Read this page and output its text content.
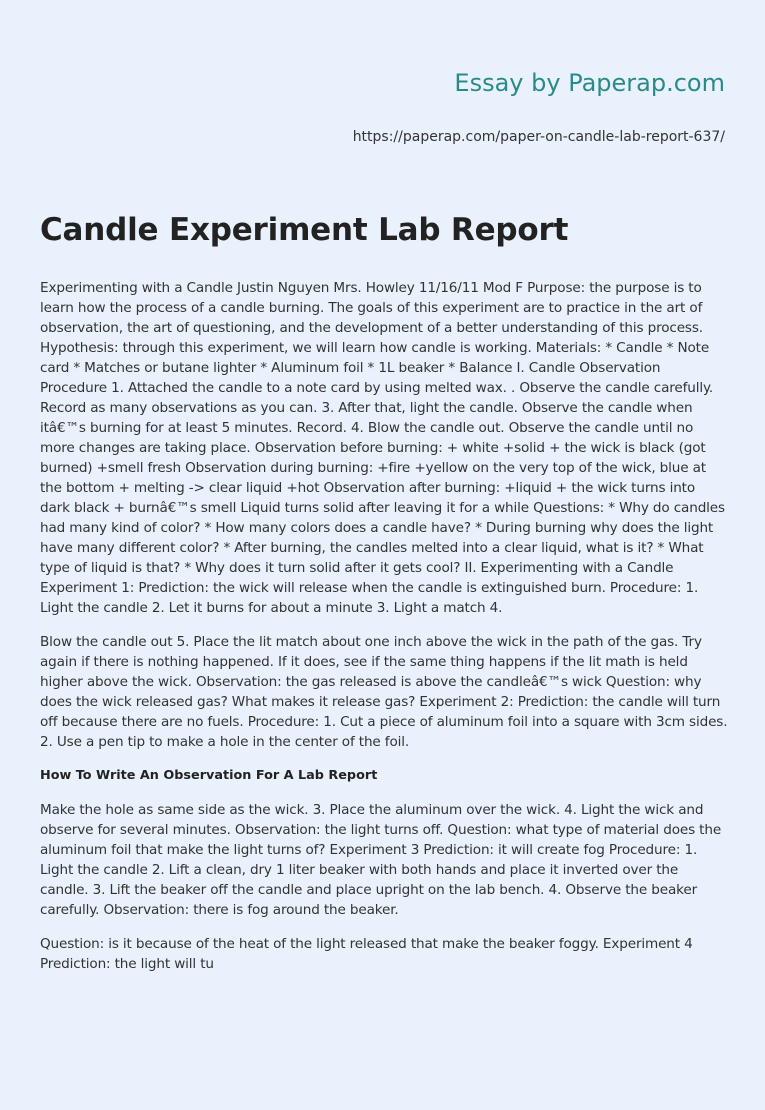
Essay by Paperap.com
https://paperap.com/paper-on-candle-lab-report-637/
Candle Experiment Lab Report

Experimenting with a Candle Justin Nguyen Mrs. Howley 11/16/11 Mod F Purpose: the purpose is to learn how the process of a candle burning. The goals of this experiment are to practice in the art of observation, the art of questioning, and the development of a better understanding of this process. Hypothesis: through this experiment, we will learn how candle is working. Materials: * Candle * Note card * Matches or butane lighter * Aluminum foil * 1L beaker * Balance I. Candle Observation Procedure 1. Attached the candle to a note card by using melted wax. . Observe the candle carefully. Record as many observations as you can. 3. After that, light the candle. Observe the candle when itâ€™s burning for at least 5 minutes. Record. 4. Blow the candle out. Observe the candle until no more changes are taking place. Observation before burning: + white +solid + the wick is black (got burned) +smell fresh Observation during burning: +fire +yellow on the very top of the wick, blue at the bottom + melting -> clear liquid +hot Observation after burning: +liquid + the wick turns into dark black + burnâ€™s smell Liquid turns solid after leaving it for a while Questions: * Why do candles had many kind of color? * How many colors does a candle have? * During burning why does the light have many different color? * After burning, the candles melted into a clear liquid, what is it? * What type of liquid is that? * Why does it turn solid after it gets cool? II. Experimenting with a Candle Experiment 1: Prediction: the wick will release when the candle is extinguished burn. Procedure: 1. Light the candle 2. Let it burns for about a minute 3. Light a match 4.

Blow the candle out 5. Place the lit match about one inch above the wick in the path of the gas. Try again if there is nothing happened. If it does, see if the same thing happens if the lit math is held higher above the wick. Observation: the gas released is above the candleâ€™s wick Question: why does the wick released gas? What makes it release gas? Experiment 2: Prediction: the candle will turn off because there are no fuels. Procedure: 1. Cut a piece of aluminum foil into a square with 3cm sides. 2. Use a pen tip to make a hole in the center of the foil.

How To Write An Observation For A Lab Report

Make the hole as same side as the wick. 3. Place the aluminum over the wick. 4. Light the wick and observe for several minutes. Observation: the light turns off. Question: what type of material does the aluminum foil that make the light turns of? Experiment 3 Prediction: it will create fog Procedure: 1. Light the candle 2. Lift a clean, dry 1 liter beaker with both hands and place it inverted over the candle. 3. Lift the beaker off the candle and place upright on the lab bench. 4. Observe the beaker carefully. Observation: there is fog around the beaker.

Question: is it because of the heat of the light released that make the beaker foggy. Experiment 4 Prediction: the light will tu
